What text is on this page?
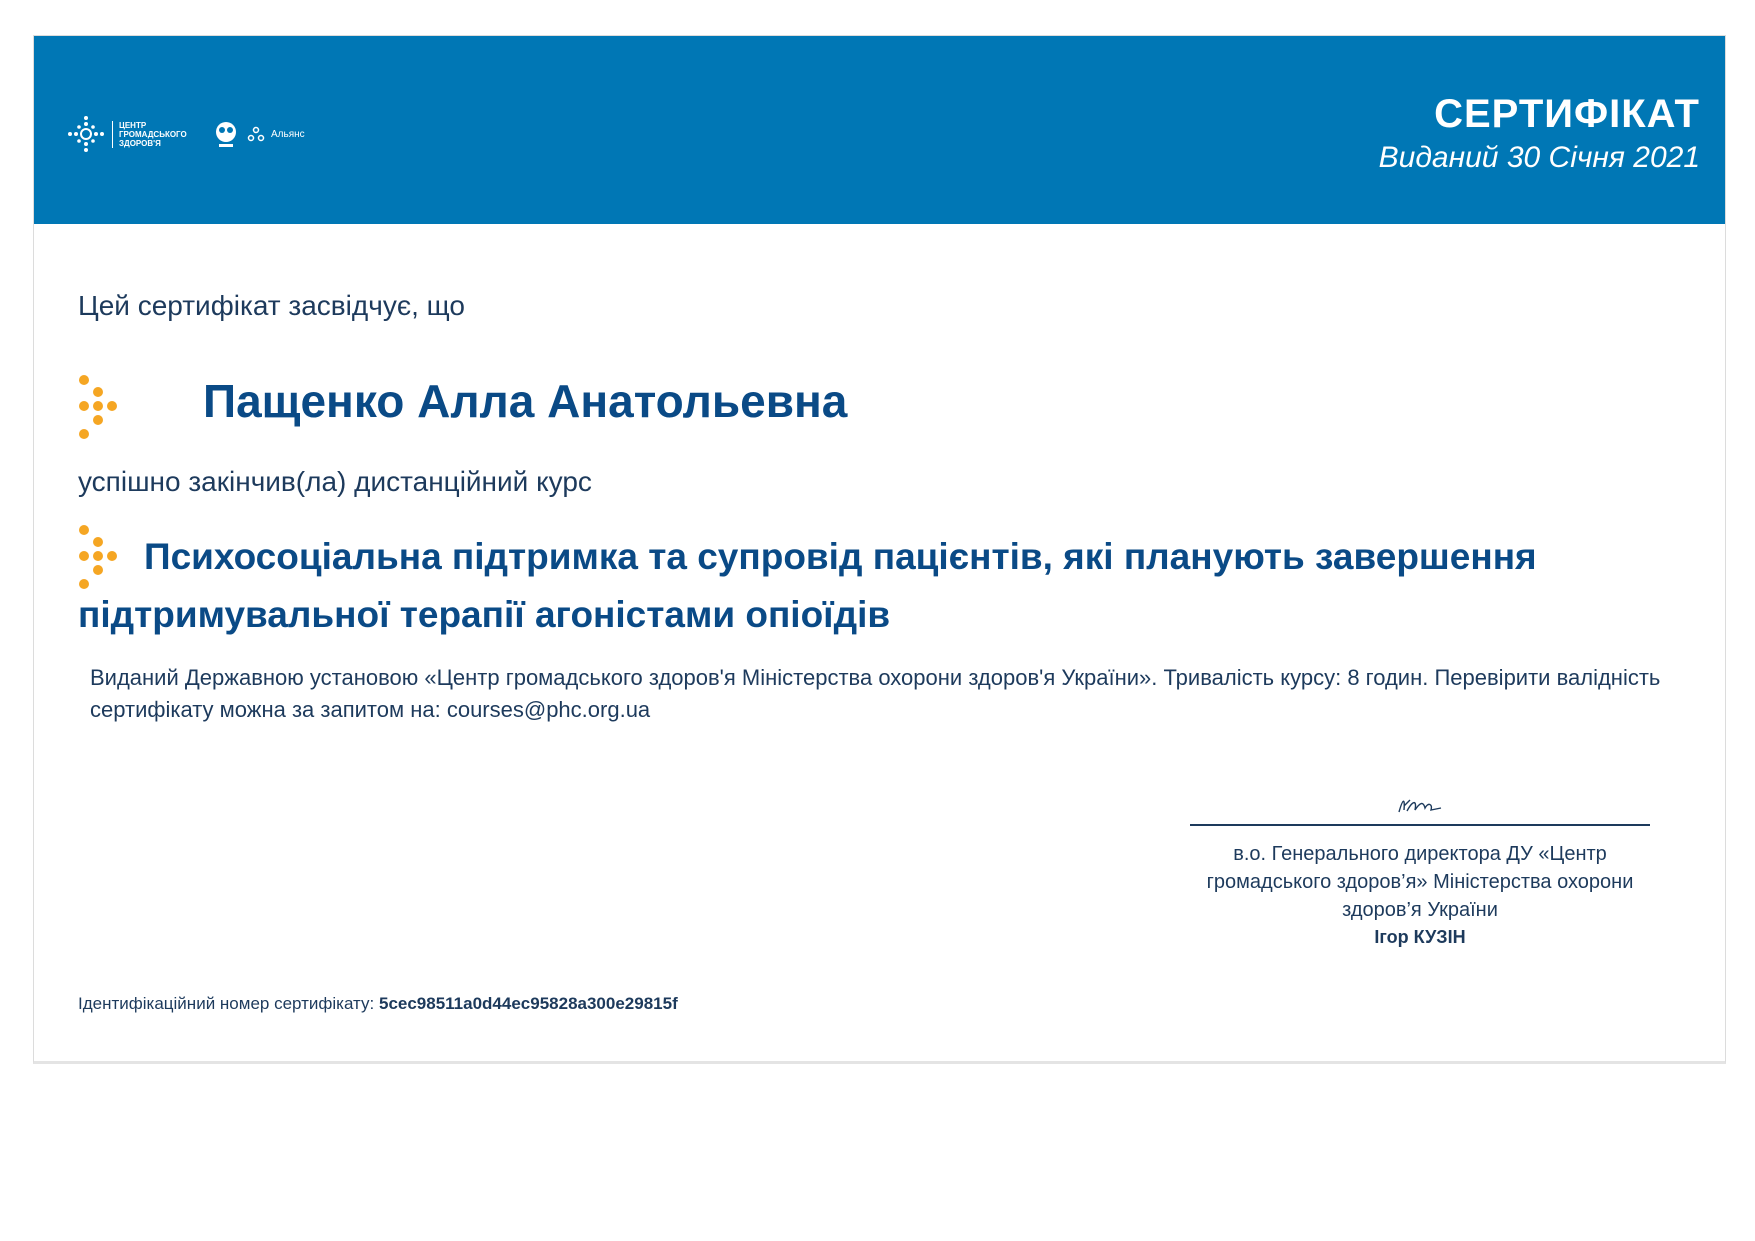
ЦЕНТР
ГРОМАДСЬКОГО
ЗДОРОВ'Я
Альянс	СЕРТИФІКАТ
Виданий 30 Січня 2021
Цей сертифікат засвідчує, що
Пащенко Алла Анатольевна
успішно закінчив(ла) дистанційний курс

Психосоціальна підтримка та супровід пацієнтів, які планують завершення підтримувальної терапії агоністами опіоїдів

Виданий Державною установою «Центр громадського здоров'я Міністерства охорони здоров'я України». Тривалість курсу: 8 годин. Перевірити валідність сертифікату можна за запитом на: courses@phc.org.ua
в.о. Генерального директора ДУ «Центр громадського здоров’я» Міністерства охорони здоров’я України
Ігор КУЗІН
Ідентифікаційний номер сертифікату: 5cec98511a0d44ec95828a300e29815f
